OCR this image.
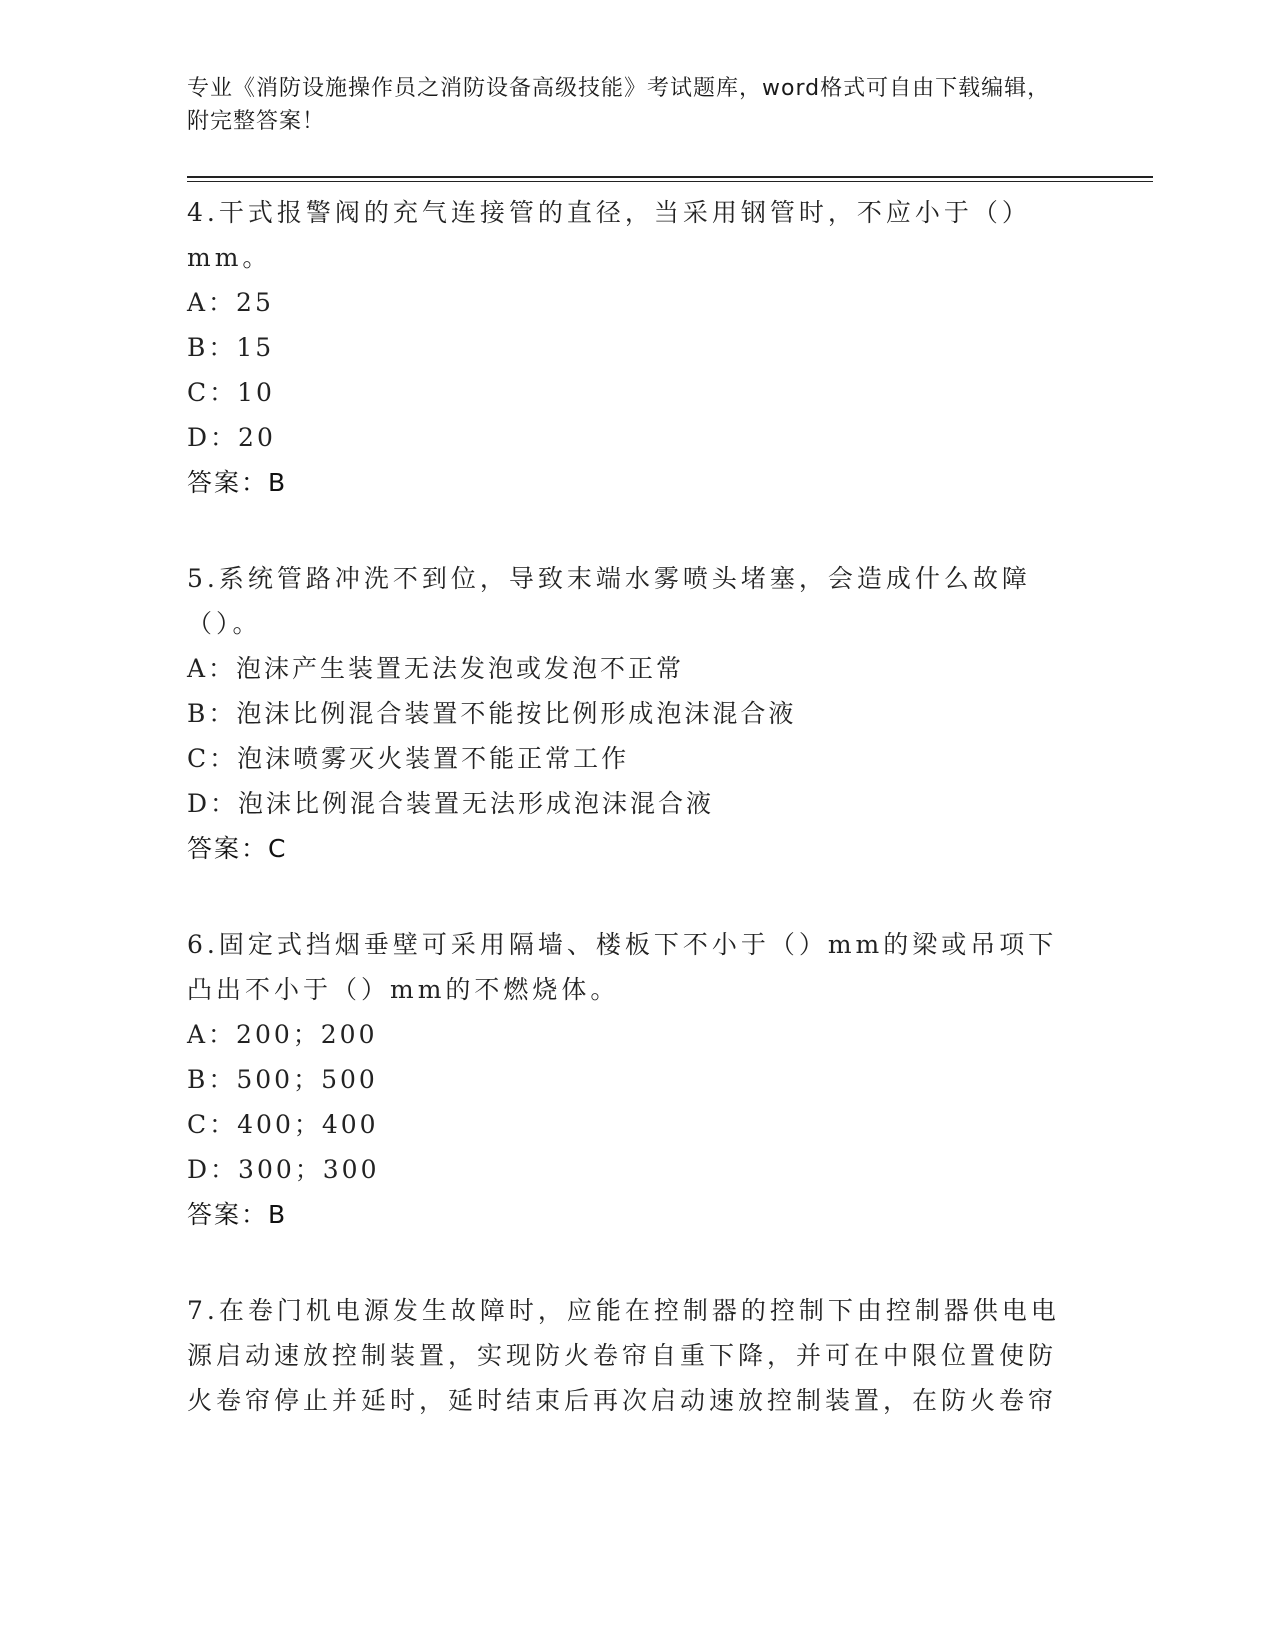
专业《消防设施操作员之消防设备高级技能》考试题库，word格式可自由下载编辑，附完整答案！

4.干式报警阀的充气连接管的直径，当采用钢管时，不应小于（）mm。

A：25

B：15

C：10

D：20

答案：B

5.系统管路冲洗不到位，导致末端水雾喷头堵塞，会造成什么故障（）。

A：泡沫产生装置无法发泡或发泡不正常

B：泡沫比例混合装置不能按比例形成泡沫混合液

C：泡沫喷雾灭火装置不能正常工作

D：泡沫比例混合装置无法形成泡沫混合液

答案：C

6.固定式挡烟垂壁可采用隔墙、楼板下不小于（）mm的梁或吊项下凸出不小于（）mm的不燃烧体。

A：200；200

B：500；500

C：400；400

D：300；300

答案：B

7.在卷门机电源发生故障时，应能在控制器的控制下由控制器供电电源启动速放控制装置，实现防火卷帘自重下降，并可在中限位置使防火卷帘停止并延时，延时结束后再次启动速放控制装置，在防火卷帘
